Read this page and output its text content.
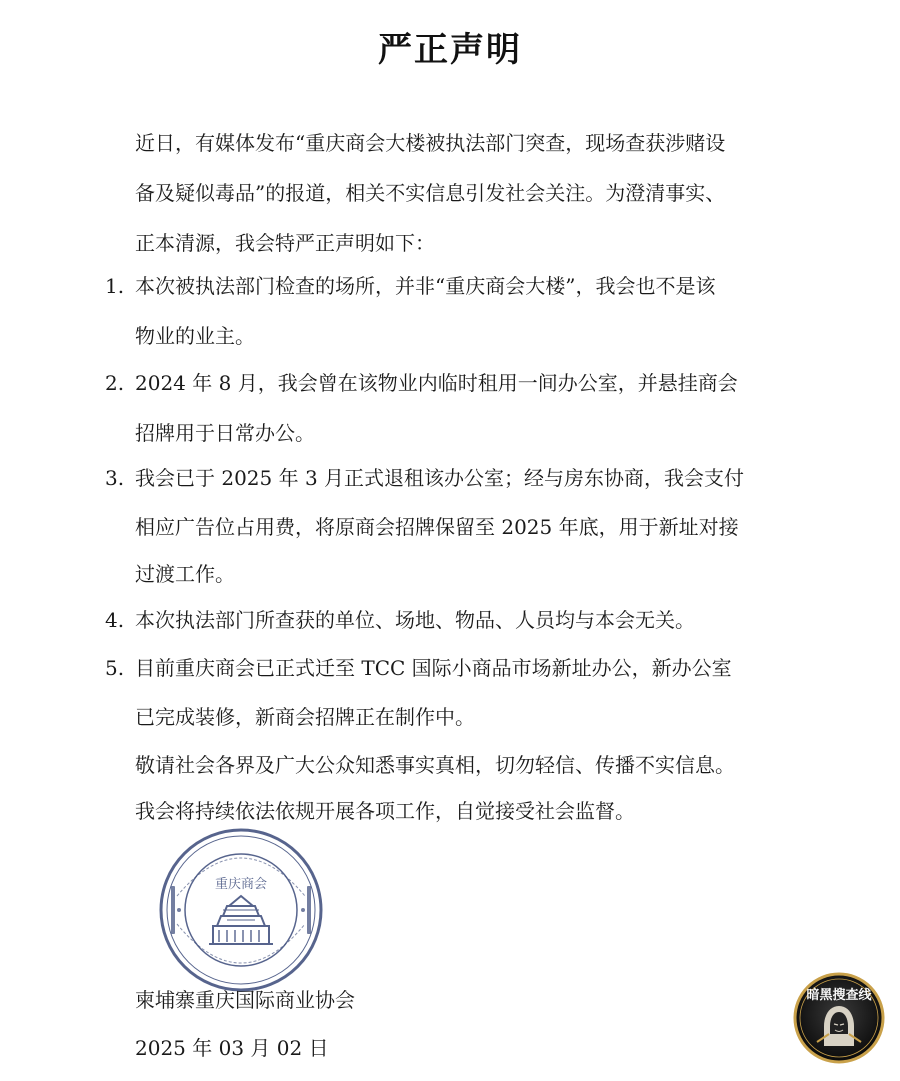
严正声明
近日，有媒体发布“重庆商会大楼被执法部门突查，现场查获涉赌设
备及疑似毒品”的报道，相关不实信息引发社会关注。为澄清事实、
正本清源，我会特严正声明如下：
1. 本次被执法部门检查的场所，并非“重庆商会大楼”，我会也不是该
物业的业主。
2. 2024 年 8 月，我会曾在该物业内临时租用一间办公室，并悬挂商会
招牌用于日常办公。
3. 我会已于 2025 年 3 月正式退租该办公室；经与房东协商，我会支付
相应广告位占用费，将原商会招牌保留至 2025 年底，用于新址对接
过渡工作。
4. 本次执法部门所查获的单位、场地、物品、人员均与本会无关。
5. 目前重庆商会已正式迁至 TCC 国际小商品市场新址办公，新办公室
已完成装修，新商会招牌正在制作中。
敬请社会各界及广大公众知悉事实真相，切勿轻信、传播不实信息。
我会将持续依法依规开展各项工作，自觉接受社会监督。
重庆商会
柬埔寨重庆国际商业协会
2025 年 03 月 02 日
暗黑搜查线
